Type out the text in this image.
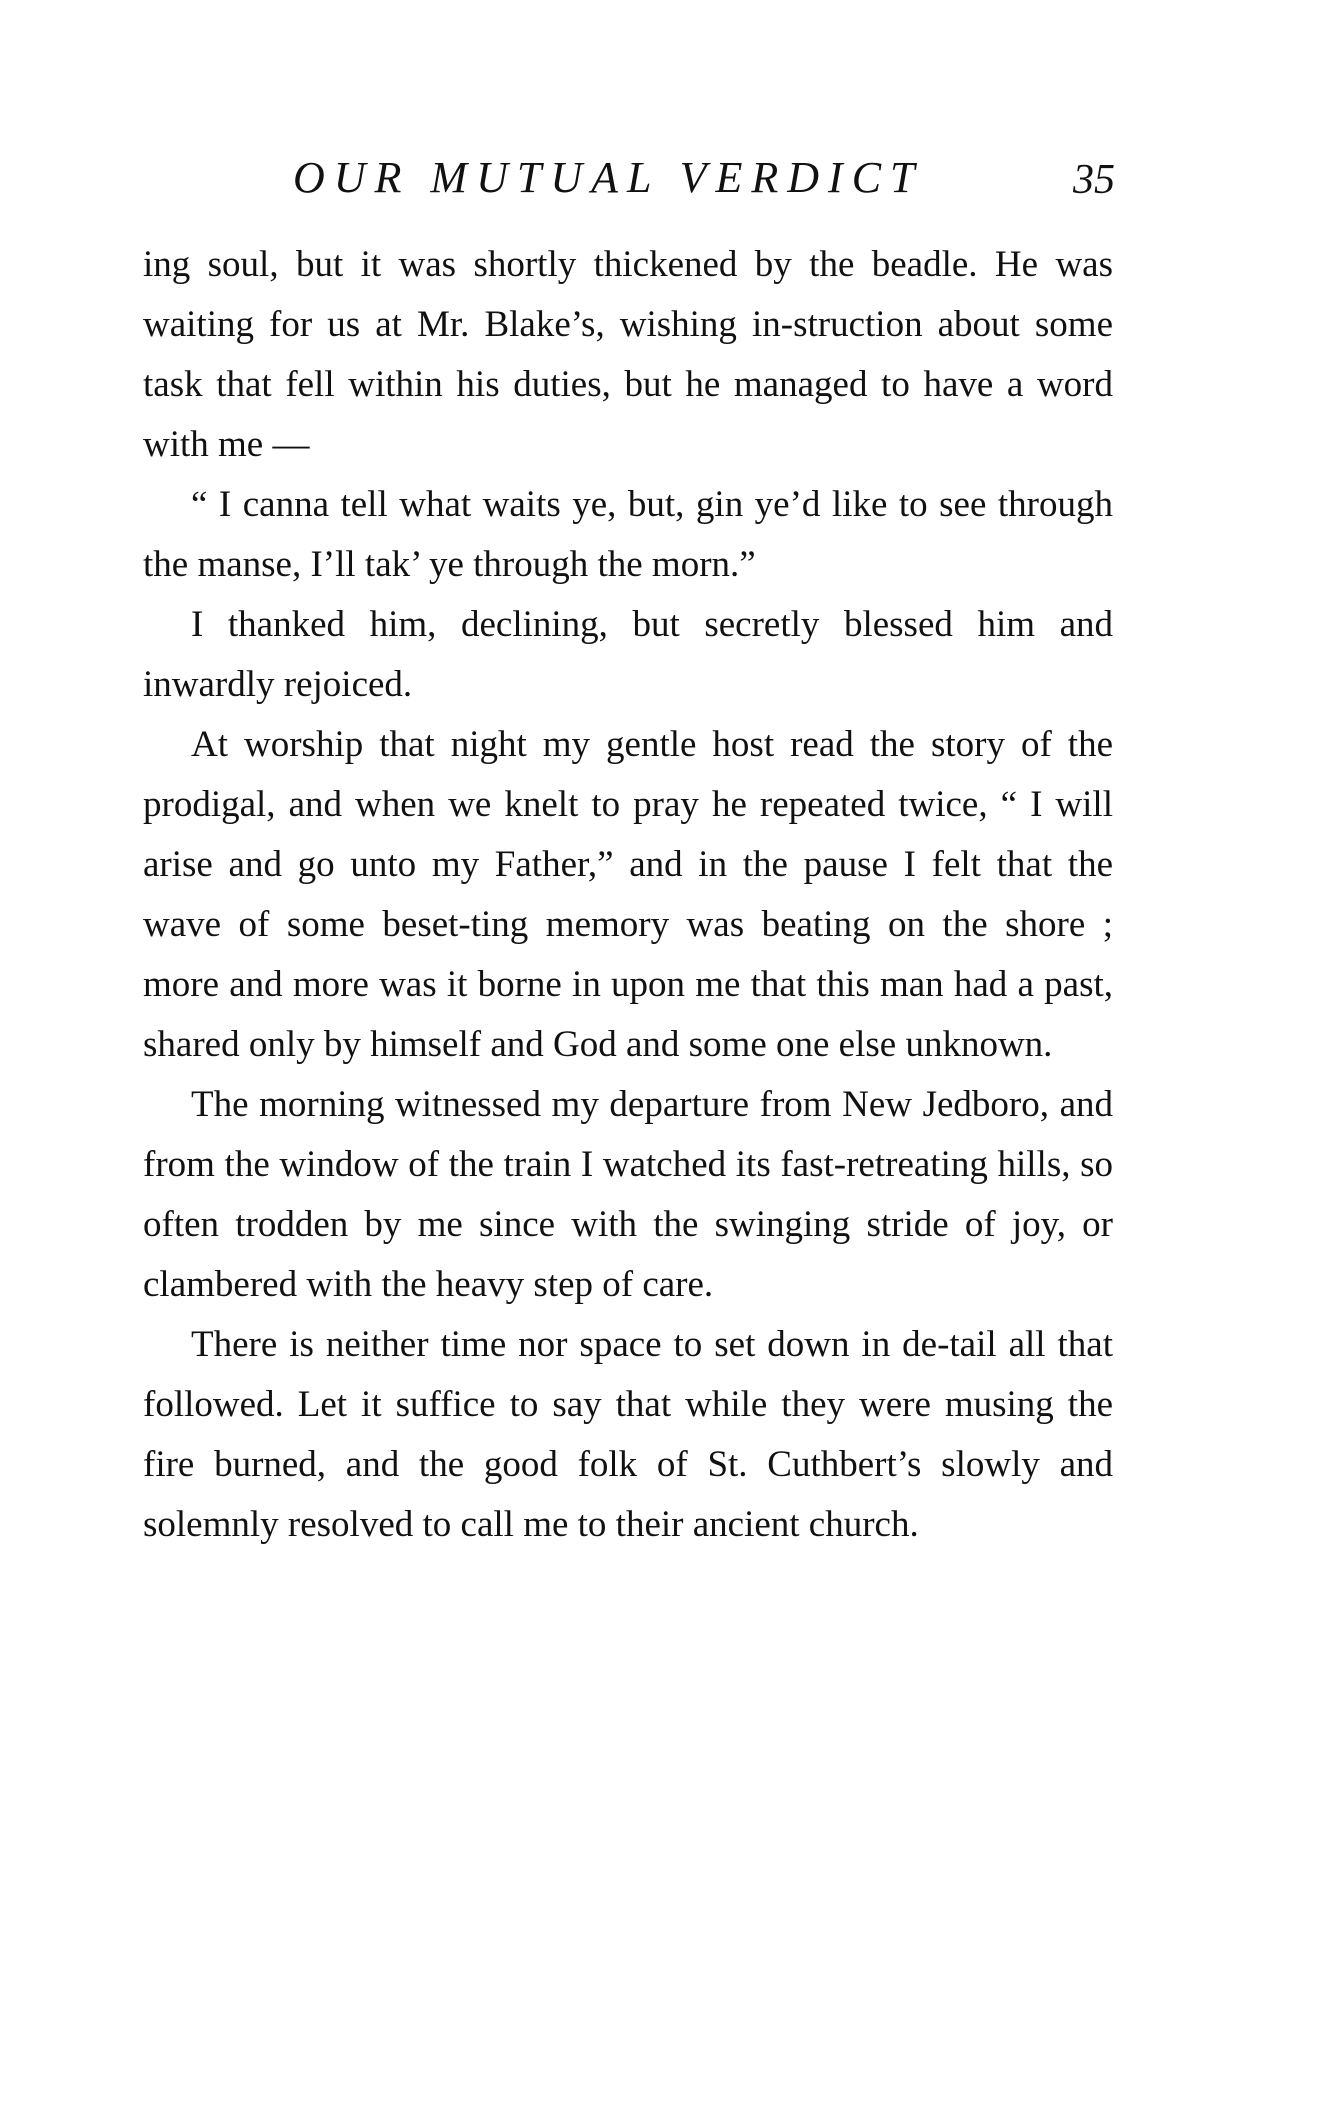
OUR MUTUAL VERDICT	35

ing soul, but it was shortly thickened by the beadle. He was waiting for us at Mr. Blake’s, wishing in-struction about some task that fell within his duties, but he managed to have a word with me —

“ I canna tell what waits ye, but, gin ye’d like to see through the manse, I’ll tak’ ye through the morn.”

I thanked him, declining, but secretly blessed him and inwardly rejoiced.

At worship that night my gentle host read the story of the prodigal, and when we knelt to pray he repeated twice, “ I will arise and go unto my Father,” and in the pause I felt that the wave of some beset-ting memory was beating on the shore ; more and more was it borne in upon me that this man had a past, shared only by himself and God and some one else unknown.

The morning witnessed my departure from New Jedboro, and from the window of the train I watched its fast-retreating hills, so often trodden by me since with the swinging stride of joy, or clambered with the heavy step of care.

There is neither time nor space to set down in de-tail all that followed. Let it suffice to say that while they were musing the fire burned, and the good folk of St. Cuthbert’s slowly and solemnly resolved to call me to their ancient church.
